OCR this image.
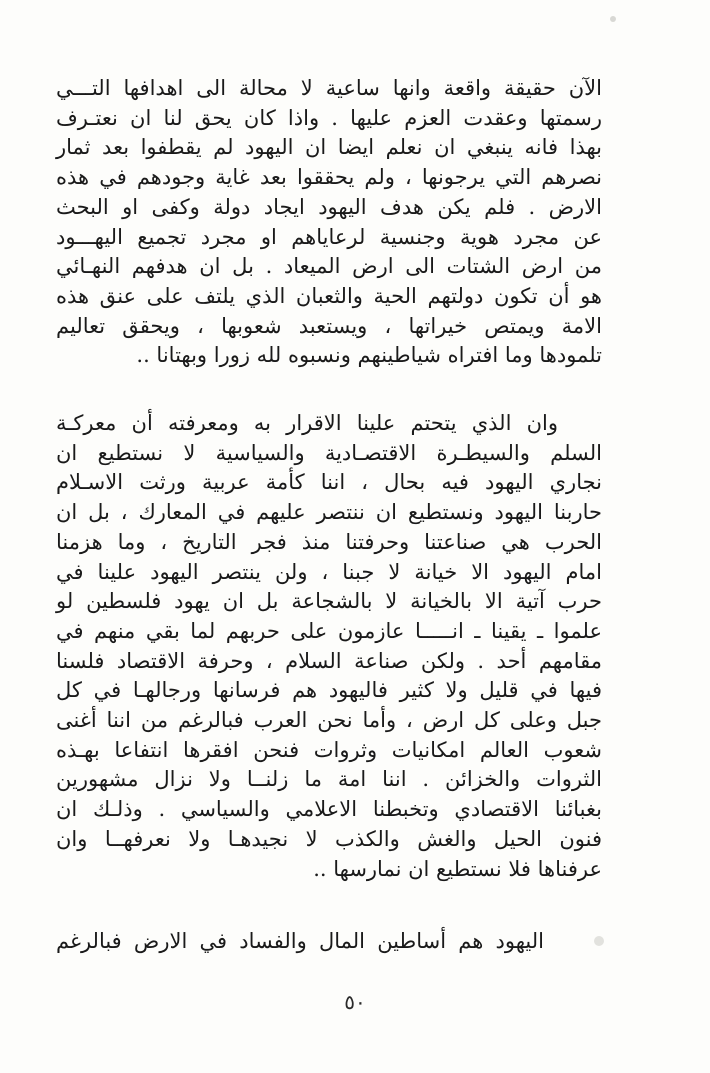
الآن حقيقة واقعة وانها ساعية لا محالة الى اهدافها التـــي
رسمتها وعقدت العزم عليها . واذا كان يحق لنا ان نعتـرف
بهذا فانه ينبغي ان نعلم ايضا ان اليهود لم يقطفوا بعد ثمار
نصرهم التي يرجونها ، ولم يحققوا بعد غاية وجودهم في هذه
الارض . فلم يكن هدف اليهود ايجاد دولة وكفى او البحث
عن مجرد هوية وجنسية لرعاياهم او مجرد تجميع اليهـــود
من ارض الشتات الى ارض الميعاد . بل ان هدفهم النهـائي
هو أن تكون دولتهم الحية والثعبان الذي يلتف على عنق هذه
الامة ويمتص خيراتها ، ويستعبد شعوبها ، ويحقق تعاليم
تلمودها وما افتراه شياطينهم ونسبوه لله زورا وبهتانا ..
وان الذي يتحتم علينا الاقرار به ومعرفته أن معركـة
السلم والسيطـرة الاقتصـادية والسياسية لا نستطيع ان
نجاري اليهود فيه بحال ، اننا كأمة عربية ورثت الاسـلام
حاربنا اليهود ونستطيع ان ننتصر عليهم في المعارك ، بل ان
الحرب هي صناعتنا وحرفتنا منذ فجر التاريخ ، وما هزمنا
امام اليهود الا خيانة لا جبنا ، ولن ينتصر اليهود علينا في
حرب آتية الا بالخيانة لا بالشجاعة بل ان يهود فلسطين لو
علموا ـ يقينا ـ انـــــا عازمون على حربهم لما بقي منهم في
مقامهم أحد . ولكن صناعة السلام ، وحرفة الاقتصاد فلسنا
فيها في قليل ولا كثير فاليهود هم فرسانها ورجالهـا في كل
جبل وعلى كل ارض ، وأما نحن العرب فبالرغم من اننا أغنى
شعوب العالم امكانيات وثروات فنحن افقرها انتفاعا بهـذه
الثروات والخزائن . اننا امة ما زلنــا ولا نزال مشهورين
بغبائنا الاقتصادي وتخبطنا الاعلامي والسياسي . وذلـك ان
فنون الحيل والغش والكذب لا نجيدهـا ولا نعرفهــا وان
عرفناها فلا نستطيع ان نمارسها ..
اليهود هم أساطين المال والفساد في الارض فبالرغم
٥٠
